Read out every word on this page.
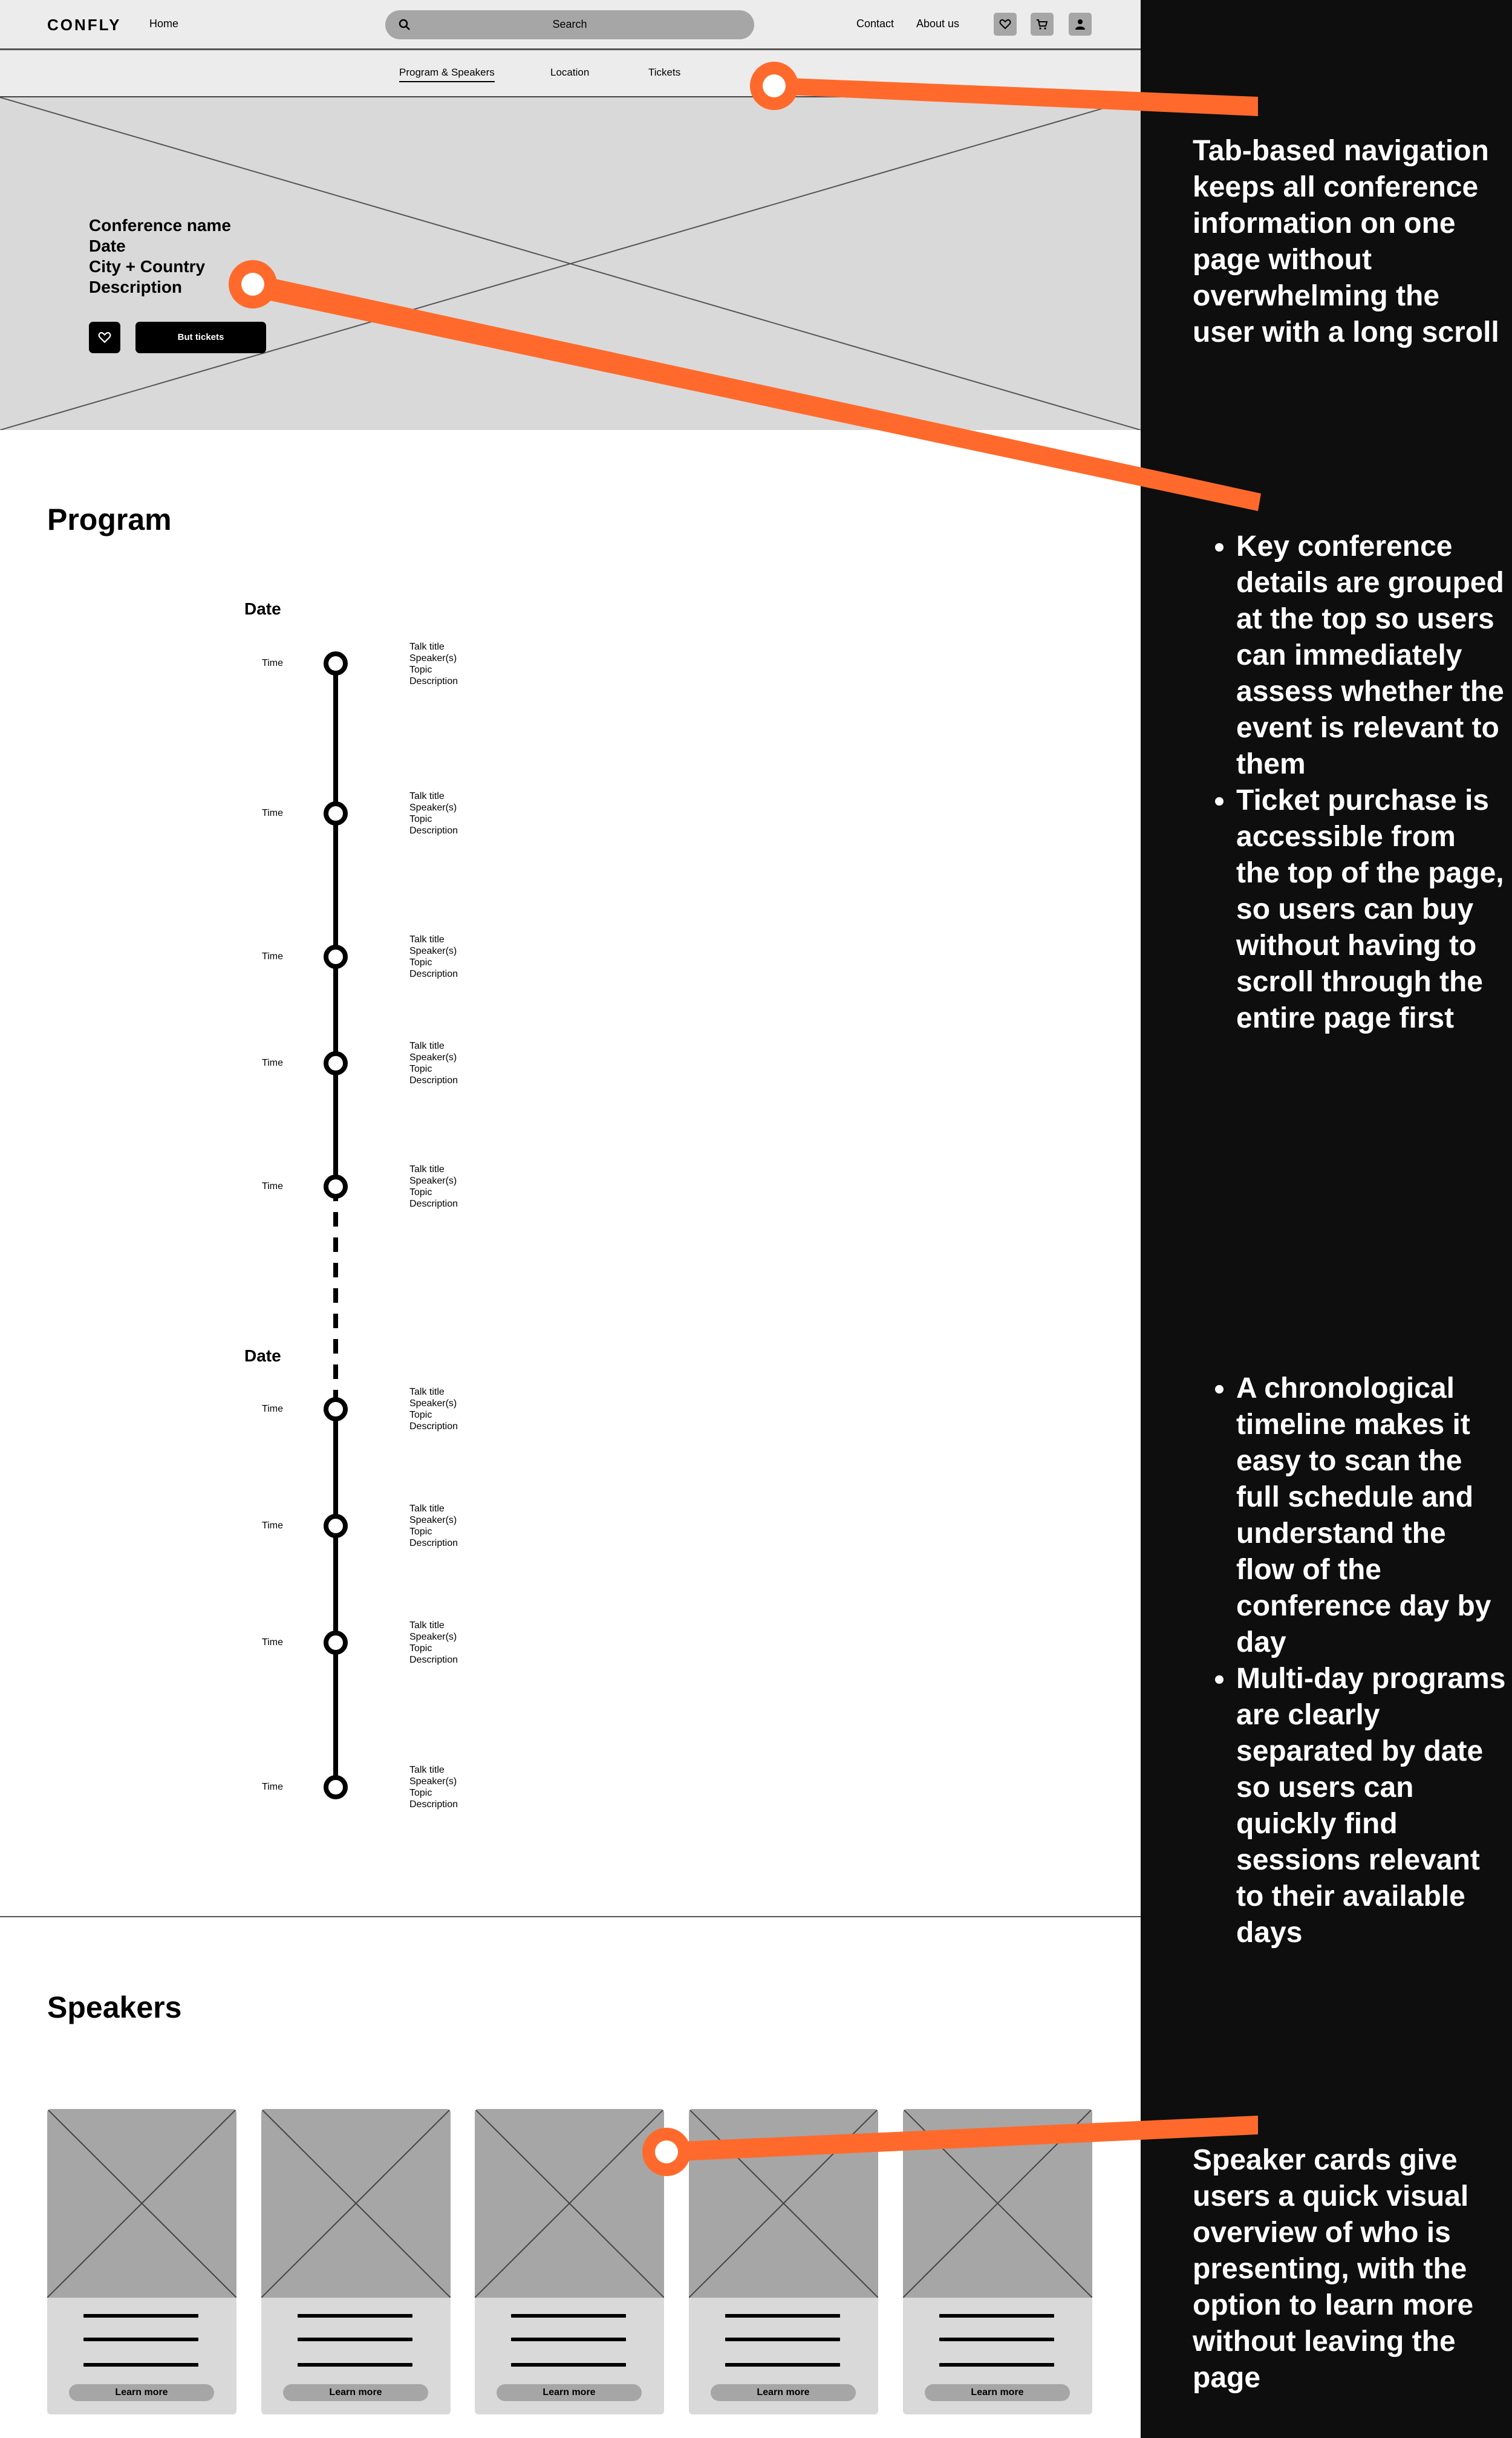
CONFLY	Home	Search	Contact About us
Program & Speakers	Location	Tickets
Conference name
Date
City + Country
Description
But tickets
Program
Date
Date
Time
Talk title
Speaker(s)
Topic
Description
Time
Talk title
Speaker(s)
Topic
Description
Time
Talk title
Speaker(s)
Topic
Description
Time
Talk title
Speaker(s)
Topic
Description
Time
Talk title
Speaker(s)
Topic
Description
Time
Talk title
Speaker(s)
Topic
Description
Time
Talk title
Speaker(s)
Topic
Description
Time
Talk title
Speaker(s)
Topic
Description
Time
Talk title
Speaker(s)
Topic
Description
Speakers
Learn more	Learn more	Learn more	Learn more	Learn more
Tab-based navigation keeps all conference information on one page without overwhelming the user with a long scroll
• Key conference details are grouped at the top so users can immediately assess whether the event is relevant to them
• Ticket purchase is accessible from the top of the page, so users can buy without having to scroll through the entire page first
• A chronological timeline makes it easy to scan the full schedule and understand the flow of the conference day by day
• Multi-day programs are clearly separated by date so users can quickly find sessions relevant to their available days
Speaker cards give users a quick visual overview of who is presenting, with the option to learn more without leaving the page
